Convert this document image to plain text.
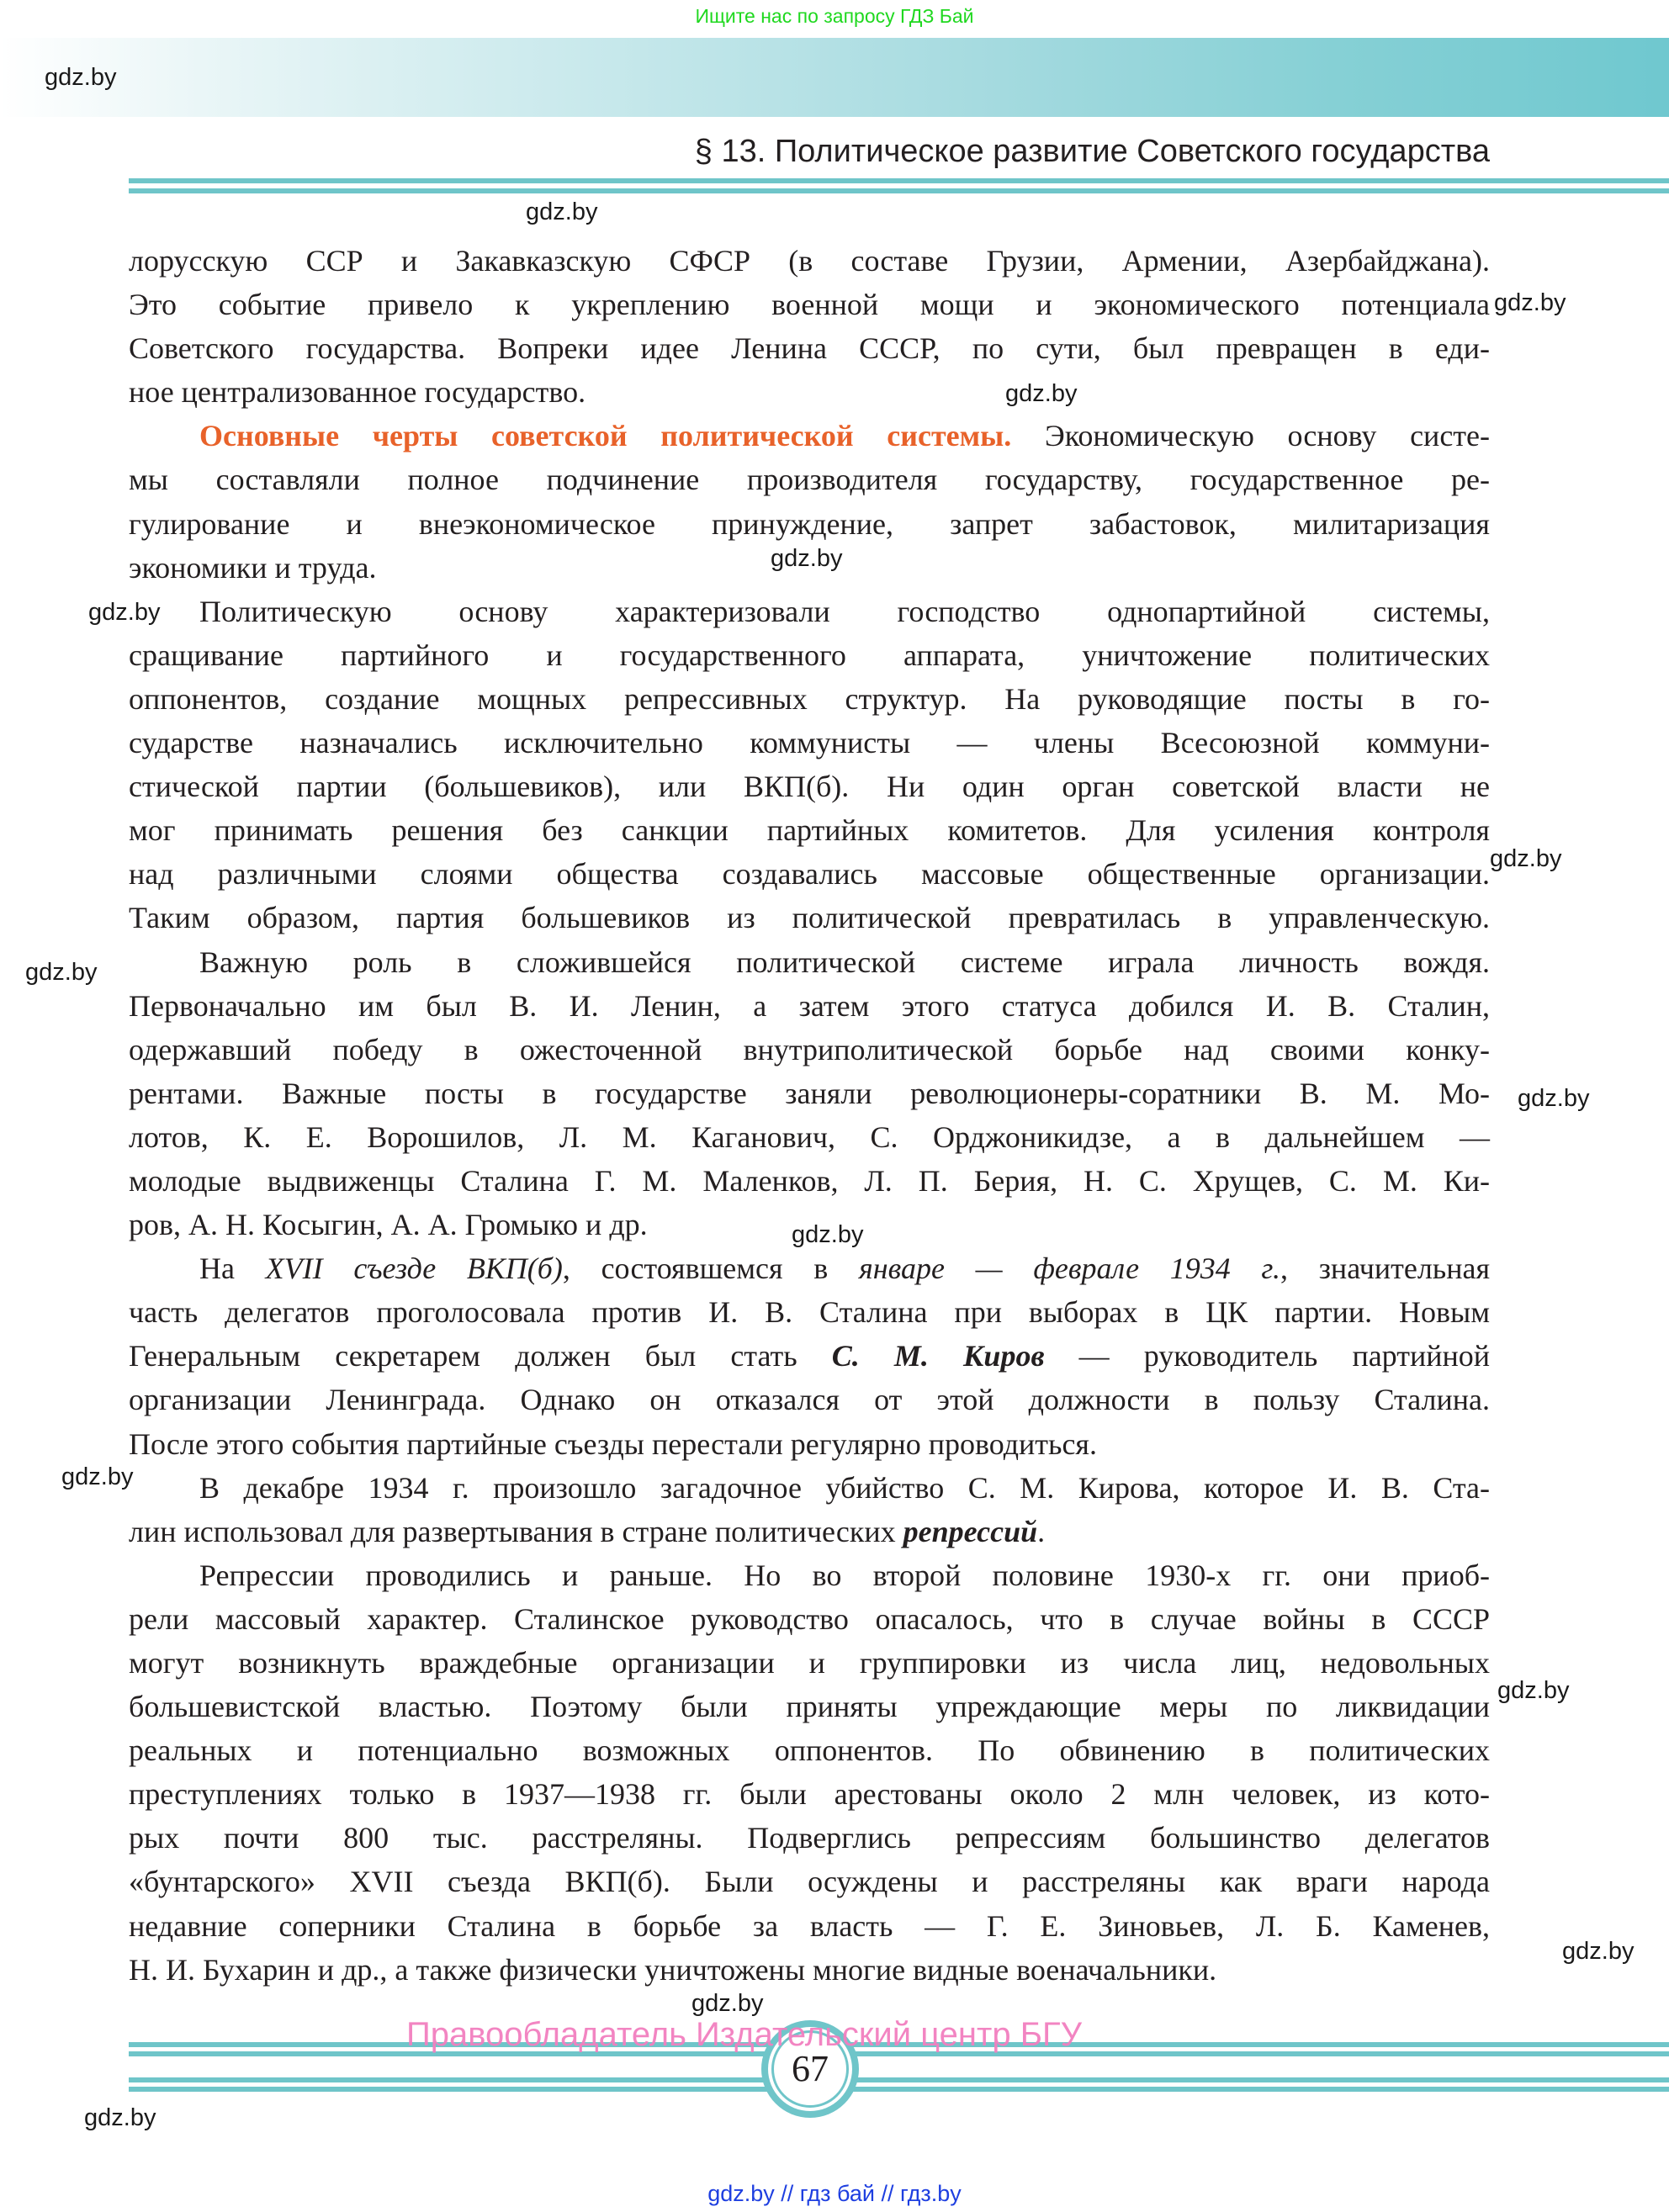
Ищите нас по запросу ГДЗ Бай
§ 13. Политическое развитие Советского государства
лорусскую ССР и Закавказскую СФСР (в составе Грузии, Армении, Азербайджана).
Это событие привело к укреплению военной мощи и экономического потенциала
Советского государства. Вопреки идее Ленина СССР, по сути, был превращен в еди-
ное централизованное государство.
Основные черты советской политической системы. Экономическую основу систе-
мы составляли полное подчинение производителя государству, государственное ре-
гулирование и внеэкономическое принуждение, запрет забастовок, милитаризация
экономики и труда.
Политическую основу характеризовали господство однопартийной системы,
сращивание партийного и государственного аппарата, уничтожение политических
оппонентов, создание мощных репрессивных структур. На руководящие посты в го-
сударстве назначались исключительно коммунисты — члены Всесоюзной коммуни-
стической партии (большевиков), или ВКП(б). Ни один орган советской власти не
мог принимать решения без санкции партийных комитетов. Для усиления контроля
над различными слоями общества создавались массовые общественные организации.
Таким образом, партия большевиков из политической превратилась в управленческую.
Важную роль в сложившейся политической системе играла личность вождя.
Первоначально им был В. И. Ленин, а затем этого статуса добился И. В. Сталин,
одержавший победу в ожесточенной внутриполитической борьбе над своими конку-
рентами. Важные посты в государстве заняли революционеры-соратники В. М. Мо-
лотов, К. Е. Ворошилов, Л. М. Каганович, С. Орджоникидзе, а в дальнейшем —
молодые выдвиженцы Сталина Г. М. Маленков, Л. П. Берия, Н. С. Хрущев, С. М. Ки-
ров, А. Н. Косыгин, А. А. Громыко и др.
На XVII съезде ВКП(б), состоявшемся в январе — феврале 1934 г., значительная
часть делегатов проголосовала против И. В. Сталина при выборах в ЦК партии. Новым
Генеральным секретарем должен был стать С. М. Киров — руководитель партийной
организации Ленинграда. Однако он отказался от этой должности в пользу Сталина.
После этого события партийные съезды перестали регулярно проводиться.
В декабре 1934 г. произошло загадочное убийство С. М. Кирова, которое И. В. Ста-
лин использовал для развертывания в стране политических репрессий.
Репрессии проводились и раньше. Но во второй половине 1930-х гг. они приоб-
рели массовый характер. Сталинское руководство опасалось, что в случае войны в СССР
могут возникнуть враждебные организации и группировки из числа лиц, недовольных
большевистской властью. Поэтому были приняты упреждающие меры по ликвидации
реальных и потенциально возможных оппонентов. По обвинению в политических
преступлениях только в 1937—1938 гг. были арестованы около 2 млн человек, из кото-
рых почти 800 тыс. расстреляны. Подверглись репрессиям большинство делегатов
«бунтарского» XVII съезда ВКП(б). Были осуждены и расстреляны как враги народа
недавние соперники Сталина в борьбе за власть — Г. Е. Зиновьев, Л. Б. Каменев,
Н. И. Бухарин и др., а также физически уничтожены многие видные военачальники.
gdz.by
gdz.by
gdz.by
gdz.by
gdz.by
gdz.by
gdz.by
gdz.by
gdz.by
gdz.by
gdz.by
gdz.by
gdz.by
gdz.by
gdz.by
67
Правообладатель Издательский центр БГУ
gdz.by // гдз бай // гдз.by
